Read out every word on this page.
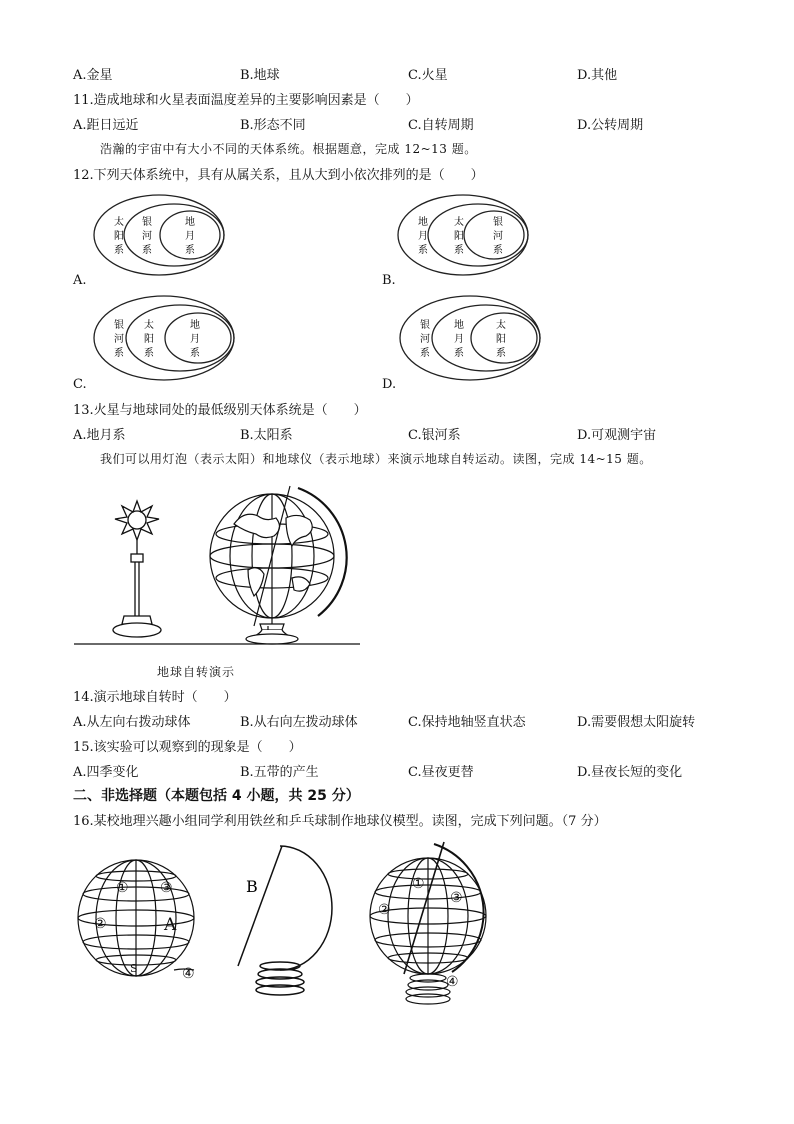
A.金星	B.地球	C.火星	D.其他
11.造成地球和火星表面温度差异的主要影响因素是（　　）
A.距日远近	B.形态不同	C.自转周期	D.公转周期
浩瀚的宇宙中有大小不同的天体系统。根据题意，完成 12~13 题。
12.下列天体系统中，具有从属关系，且从大到小依次排列的是（　　）
太
阳
系
银
河
系
地
月
系
A.
地
月
系
太
阳
系
银
河
系
B.
银
河
系
太
阳
系
地
月
系
C.
银
河
系
地
月
系
太
阳
系
D.
13.火星与地球同处的最低级别天体系统是（　　）
A.地月系	B.太阳系	C.银河系	D.可观测宇宙
我们可以用灯泡（表示太阳）和地球仪（表示地球）来演示地球自转运动。读图，完成 14~15 题。
地球自转演示
14.演示地球自转时（　　）
A.从左向右拨动球体	B.从右向左拨动球体	C.保持地轴竖直状态	D.需要假想太阳旋转
15.该实验可以观察到的现象是（　　）
A.四季变化	B.五带的产生	C.昼夜更替	D.昼夜长短的变化
二、非选择题（本题包括 4 小题，共 25 分）
16.某校地理兴趣小组同学利用铁丝和乒乓球制作地球仪模型。读图，完成下列问题。（7 分）
① ③
②	A
S	④
B	①
③
②
④
